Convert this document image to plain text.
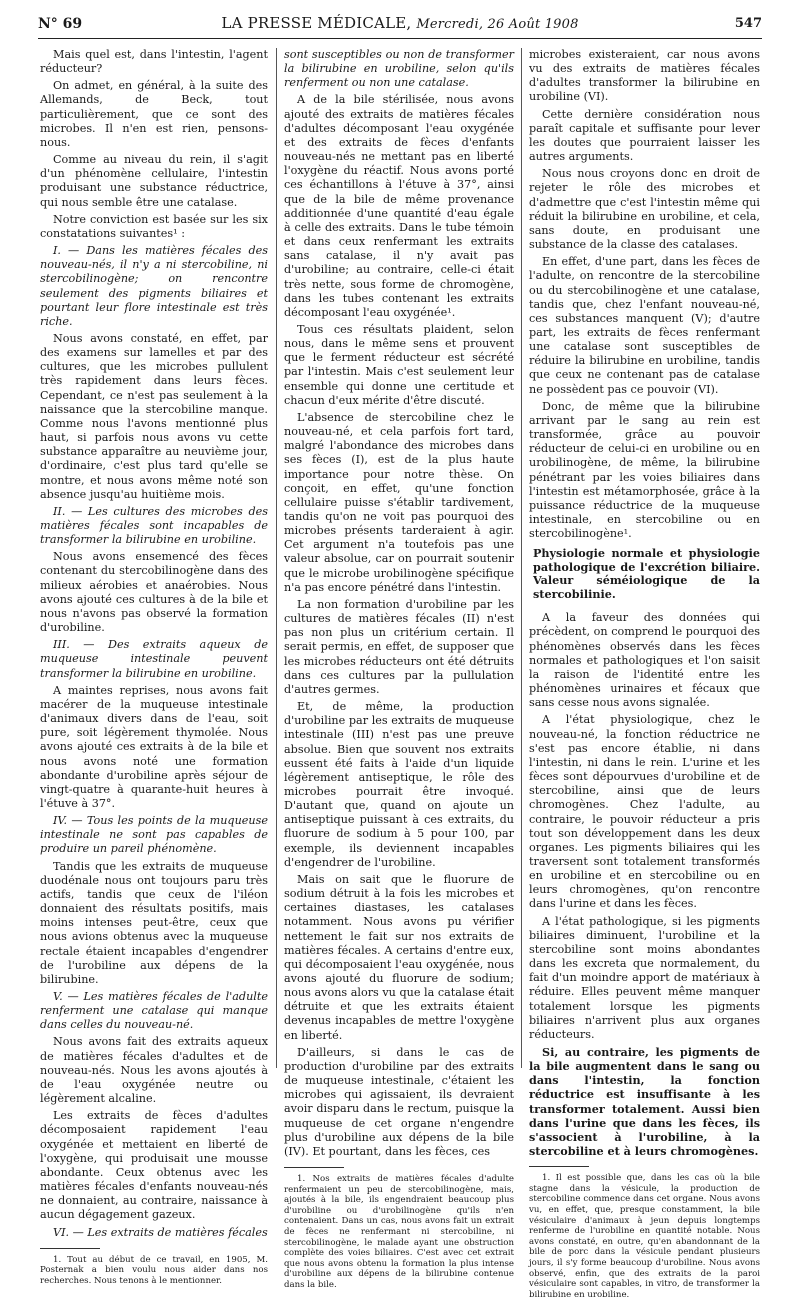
N° 69	LA PRESSE MÉDICALE, Mercredi, 26 Août 1908	547

Mais quel est, dans l'intestin, l'agent réducteur?

On admet, en général, à la suite des Allemands, de Beck, tout particulièrement, que ce sont des microbes. Il n'en est rien, pensons-nous.

Comme au niveau du rein, il s'agit d'un phénomène cellulaire, l'intestin produisant une substance réductrice, qui nous semble être une catalase.

Notre conviction est basée sur les six constatations suivantes¹ :

I. — Dans les matières fécales des nouveau-nés, il n'y a ni stercobiline, ni stercobilinogène; on rencontre seulement des pigments biliaires et pourtant leur flore intestinale est très riche.

Nous avons constaté, en effet, par des examens sur lamelles et par des cultures, que les microbes pullulent très rapidement dans leurs fèces. Cependant, ce n'est pas seulement à la naissance que la stercobiline manque. Comme nous l'avons mentionné plus haut, si parfois nous avons vu cette substance apparaître au neuvième jour, d'ordinaire, c'est plus tard qu'elle se montre, et nous avons même noté son absence jusqu'au huitième mois.

II. — Les cultures des microbes des matières fécales sont incapables de transformer la bilirubine en urobiline.

Nous avons ensemencé des fèces contenant du stercobilinogène dans des milieux aérobies et anaérobies. Nous avons ajouté ces cultures à de la bile et nous n'avons pas observé la formation d'urobiline.

III. — Des extraits aqueux de muqueuse intestinale peuvent transformer la bilirubine en urobiline.

A maintes reprises, nous avons fait macérer de la muqueuse intestinale d'animaux divers dans de l'eau, soit pure, soit légèrement thymolée. Nous avons ajouté ces extraits à de la bile et nous avons noté une formation abondante d'urobiline après séjour de vingt-quatre à quarante-huit heures à l'étuve à 37°.

IV. — Tous les points de la muqueuse intestinale ne sont pas capables de produire un pareil phénomène.

Tandis que les extraits de muqueuse duodénale nous ont toujours paru très actifs, tandis que ceux de l'iléon donnaient des résultats positifs, mais moins intenses peut-être, ceux que nous avions obtenus avec la muqueuse rectale étaient incapables d'engendrer de l'urobiline aux dépens de la bilirubine.

V. — Les matières fécales de l'adulte renferment une catalase qui manque dans celles du nouveau-né.

Nous avons fait des extraits aqueux de matières fécales d'adultes et de nouveau-nés. Nous les avons ajoutés à de l'eau oxygénée neutre ou légèrement alcaline.

Les extraits de fèces d'adultes décomposaient rapidement l'eau oxygénée et mettaient en liberté de l'oxygène, qui produisait une mousse abondante. Ceux obtenus avec les matières fécales d'enfants nouveau-nés ne donnaient, au contraire, naissance à aucun dégagement gazeux.

VI. — Les extraits de matières fécales

1. Tout au début de ce travail, en 1905, M. Posternak a bien voulu nous aider dans nos recherches. Nous tenons à le mentionner.

sont susceptibles ou non de transformer la bilirubine en urobiline, selon qu'ils renferment ou non une catalase.

A de la bile stérilisée, nous avons ajouté des extraits de matières fécales d'adultes décomposant l'eau oxygénée et des extraits de fèces d'enfants nouveau-nés ne mettant pas en liberté l'oxygène du réactif. Nous avons porté ces échantillons à l'étuve à 37°, ainsi que de la bile de même provenance additionnée d'une quantité d'eau égale à celle des extraits. Dans le tube témoin et dans ceux renfermant les extraits sans catalase, il n'y avait pas d'urobiline; au contraire, celle-ci était très nette, sous forme de chromogène, dans les tubes contenant les extraits décomposant l'eau oxygénée¹.

Tous ces résultats plaident, selon nous, dans le même sens et prouvent que le ferment réducteur est sécrété par l'intestin. Mais c'est seulement leur ensemble qui donne une certitude et chacun d'eux mérite d'être discuté.

L'absence de stercobiline chez le nouveau-né, et cela parfois fort tard, malgré l'abondance des microbes dans ses fèces (I), est de la plus haute importance pour notre thèse. On conçoit, en effet, qu'une fonction cellulaire puisse s'établir tardivement, tandis qu'on ne voit pas pourquoi des microbes présents tarderaient à agir. Cet argument n'a toutefois pas une valeur absolue, car on pourrait soutenir que le microbe urobilinogène spécifique n'a pas encore pénétré dans l'intestin.

La non formation d'urobiline par les cultures de matières fécales (II) n'est pas non plus un critérium certain. Il serait permis, en effet, de supposer que les microbes réducteurs ont été détruits dans ces cultures par la pullulation d'autres germes.

Et, de même, la production d'urobiline par les extraits de muqueuse intestinale (III) n'est pas une preuve absolue. Bien que souvent nos extraits eussent été faits à l'aide d'un liquide légèrement antiseptique, le rôle des microbes pourrait être invoqué. D'autant que, quand on ajoute un antiseptique puissant à ces extraits, du fluorure de sodium à 5 pour 100, par exemple, ils deviennent incapables d'engendrer de l'urobiline.

Mais on sait que le fluorure de sodium détruit à la fois les microbes et certaines diastases, les catalases notamment. Nous avons pu vérifier nettement le fait sur nos extraits de matières fécales. A certains d'entre eux, qui décomposaient l'eau oxygénée, nous avons ajouté du fluorure de sodium; nous avons alors vu que la catalase était détruite et que les extraits étaient devenus incapables de mettre l'oxygène en liberté.

D'ailleurs, si dans le cas de production d'urobiline par des extraits de muqueuse intestinale, c'étaient les microbes qui agissaient, ils devraient avoir disparu dans le rectum, puisque la muqueuse de cet organe n'engendre plus d'urobiline aux dépens de la bile (IV). Et pourtant, dans les fèces, ces

1. Nos extraits de matières fécales d'adulte renfermaient un peu de stercobilinogène, mais, ajoutés à la bile, ils engendraient beaucoup plus d'urobiline ou d'urobilinogène qu'ils n'en contenaient. Dans un cas, nous avons fait un extrait de fèces ne renfermant ni stercobiline, ni stercobilinogène, le malade ayant une obstruction complète des voies biliaires. C'est avec cet extrait que nous avons obtenu la formation la plus intense d'urobiline aux dépens de la bilirubine contenue dans la bile.

microbes existeraient, car nous avons vu des extraits de matières fécales d'adultes transformer la bilirubine en urobiline (VI).

Cette dernière considération nous paraît capitale et suffisante pour lever les doutes que pourraient laisser les autres arguments.

Nous nous croyons donc en droit de rejeter le rôle des microbes et d'admettre que c'est l'intestin même qui réduit la bilirubine en urobiline, et cela, sans doute, en produisant une substance de la classe des catalases.

En effet, d'une part, dans les fèces de l'adulte, on rencontre de la stercobiline ou du stercobilinogène et une catalase, tandis que, chez l'enfant nouveau-né, ces substances manquent (V); d'autre part, les extraits de fèces renfermant une catalase sont susceptibles de réduire la bilirubine en urobiline, tandis que ceux ne contenant pas de catalase ne possèdent pas ce pouvoir (VI).

Donc, de même que la bilirubine arrivant par le sang au rein est transformée, grâce au pouvoir réducteur de celui-ci en urobiline ou en urobilinogène, de même, la bilirubine pénétrant par les voies biliaires dans l'intestin est métamorphosée, grâce à la puissance réductrice de la muqueuse intestinale, en stercobiline ou en stercobilinogène¹.

Physiologie normale et physiologie pathologique de l'excrétion biliaire. Valeur séméiologique de la stercobilinie.

A la faveur des données qui précèdent, on comprend le pourquoi des phénomènes observés dans les fèces normales et pathologiques et l'on saisit la raison de l'identité entre les phénomènes urinaires et fécaux que sans cesse nous avons signalée.

A l'état physiologique, chez le nouveau-né, la fonction réductrice ne s'est pas encore établie, ni dans l'intestin, ni dans le rein. L'urine et les fèces sont dépourvues d'urobiline et de stercobiline, ainsi que de leurs chromogènes. Chez l'adulte, au contraire, le pouvoir réducteur a pris tout son développement dans les deux organes. Les pigments biliaires qui les traversent sont totalement transformés en urobiline et en stercobiline ou en leurs chromogènes, qu'on rencontre dans l'urine et dans les fèces.

A l'état pathologique, si les pigments biliaires diminuent, l'urobiline et la stercobiline sont moins abondantes dans les excreta que normalement, du fait d'un moindre apport de matériaux à réduire. Elles peuvent même manquer totalement lorsque les pigments biliaires n'arrivent plus aux organes réducteurs.

Si, au contraire, les pigments de la bile augmentent dans le sang ou dans l'intestin, la fonction réductrice est insuffisante à les transformer totalement. Aussi bien dans l'urine que dans les fèces, ils s'associent à l'urobiline, à la stercobiline et à leurs chromogènes.

1. Il est possible que, dans les cas où la bile stagne dans la vésicule, la production de stercobiline commence dans cet organe. Nous avons vu, en effet, que, presque constamment, la bile vésiculaire d'animaux à jeun depuis longtemps renferme de l'urobiline en quantité notable. Nous avons constaté, en outre, qu'en abandonnant de la bile de porc dans la vésicule pendant plusieurs jours, il s'y forme beaucoup d'urobiline. Nous avons observé, enfin, que des extraits de la paroi vésiculaire sont capables, in vitro, de transformer la bilirubine en urobiline.
